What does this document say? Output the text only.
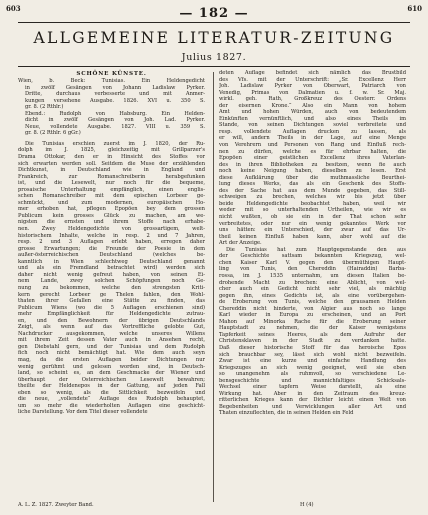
603	610
— 182 —
ALLGEMEINE LITERATUR-ZEITUNG
Julius 1827.
SCHÖNE KÜNSTE.
Wien, b. Beck: Tunisias. Ein Heldengedicht
in zwölf Gesängen von Johann Ladislaw Pyrker.
Dritte, durchaus verbesserte und mit Anmer-
kungen versehene Ausgabe. 1826. XVI u. 350 S.
gr. 8. (2 Rthlr.)
Ebend.: Rudolph von Habsburg. Ein Helden-
dicht in zwölf Gesängen von Joh. Lad. Pyrker.
Neue, vollendete Ausgabe. 1827. VIII u. 359 S.
gr. 8. (2 Rthlr. 6 gGr.)
Die Tunisias erschien zuerst im J. 1820, der Ru-
dolph im J. 1825, gleichzeitig mit Grillparzer's
Drama Ottokar, den er in Hinsicht des Stoffes vor
sich erwarten werden soll. Seitdem die Muse der erzählenden
Dichtkunst, in Deutschland wie in England und
Frankreich, zur Romanschreiberin herabgefunken
ist, und die Lesewelt, nur noch für die bequeme,
prosaische Unterhaltung empfänglich, einen englis-
schen Romanschreiber mit dem epischen Lorbeer ge-
schmückt, und zum modernen, europäischen Ho-
mer erhoben hat, pflegen Epopöen bey dem grossen
Publicum kein grosses Glück zu machen, am we-
nigsten die ernsten und ihrem Stoffe nach erhabe-
nen. Zwey Heldengedichte von grossartigem, welt-
historischem Inhalte, welche in resp. 2 und 7 Jahren,
resp. 2 und 3 Auflagen erlebt haben, erregen daher
grosse Erwartungen; die Freunde der Poesie in dem
außer-österreichischen Deutschland (welches be-
kanntlich in Wien schlechtweg Deutschland genannt
und als ein Fremdland betrachtet wird) werden sich
daher nicht wenig gefreut haben, von seinen Ei-
nem Lande, zwey solchen Schöpfungen noch Ge-
nung zu bekommen, welche den strengsten Kriti-
kern gerecht Lorbeer ge Thelen fahlen, den Wohl-
thaten ihrer Gefallen eine Stätte zu finden, das
Publicum Wiens (wo die 5 Auflagen erschienen sind)
mehr Empfänglichkeit für Heldengedichte zutrau-
en, und den Bewohnern der übrigen Deutschlands
Zeigt, als wenn auf das Vortreffliche gelobte Gut,
Nachdrucker ausgekommen, welche unseres Willens
mit ihrem Zeit dessen Vater auch in Ansehen recht,
gen Diebstahl gern, und der Tunisias und dem Rudolph
fich noch nicht bemächtigt hat. Wie dem auch seyn
mag, da die ersten Auflagen beider Dichtungen nur
wenig gerühmt und gelesen worden sind, in Deutsch-
land, so scheint es, an dem Geschmacke der Wiener und
überhaupt der Österreichischen Lesewelt bewahren;
theilte der Heldenepos in der Gattung, auf jeden Fall
eben so wenig, als die Sittlichkeit bezweifeln und
die neue, „vollendete“ Auflage des Rudolph behauptet,
um so mehr die wiederholten Auflagen eine geschicht-
liche Darstellung. Vor dem Titel dieser vollendete
deten Auflage befindet sich nämlich das Brustbild
des Vfs. mit der Unterschrift: „Sr. Excellenz Herr
Joh. Ladislaw Pyrker von Oberwart, Patriarch von
Venedig, Primas von Dalmatien u. f. w. Sr. Maj.
wirkl. geh. Rath, Großkreuz des Oesterr. Ordens
der eisernen Krone.“ Also ein Mann von hohem
Amt und hohen Würden, auch von bedeutendem
Einkünften vernünftlich, und also eines Theils im
Stande, von seinen Dichtungen soviel verbreitete und
resp. vollendete Auflagen drucken zu lassen, als
er will, andern Theils in der Lage, auf eine Menge
von Verehrern und Personen von Rang und Einfluß rech-
nen zu dürfen, welche es für ehrbar halten, die
Epopöen einer geistlichen Excellenz ihres Vaterlan-
des in ihren Bibliotheken zu besitzen, wenn fie auch
noch keine Neigung haben, dieselben zu lesen. Erst
diese Aufklärung über die muthmassliche Beurthei-
lung dieses Werks, das als ein Geschenk des Stoffs-
des der Sache hat aus dem Munde gegeben, das Still-
schweigen zu brechen, welches wir bis jetzt über
beide Heldengedichte beobachtet haben, weil wir
weder mit so unterhaltenden Urtheilen, wie wir es
nicht wußten, ob sie ein in der That schon sehr
verbreitetes, oder nur ein wenig gekanntes Werk vor
uns hätten: ein Unterschied, der zwar auf das Ur-
theil keinen Einfluß haben kann, aber wohl auf die
Art der Anzeige.
Die Tunisias hat zum Hauptgegenstande den aus
der Geschichte sattsam bekannten Kriegszug, wel-
chen Kaiser Karl V. gegen den übermüthigen Haupt-
ling von Tunis, den Chereddin (Hairaddin) Barba-
rossa, im J. 1535 unternahm, um diesen Italien be-
drohende Macht zu brechen: eine Ablicht, von wel-
cher auch ein Gedicht nicht sehr viel, als mächtig
gegen ihn, eines Gedichts ist, als eine vorübergehen-
de Eroberung von Tunis, welche den grausamen Helden
Chereddin nicht hinderte, von Algier aus noch so lange
Karl wieder in Europa zu erscheinen, und an Port
Mahon auf Minorka Rache für die Eroberung seiner
Hauptstadt zu nehmen, die der Kaiser wenigstens
Tapferkeit seines Heeres, als dem Aufruhr der
Christensklaven in der Stadt zu verdanken hatte.
Daß dieser historische Stoff für das heroische Epos
sich brauchbar sey, lässt sich wohl nicht bezweifeln.
Zwar ist eine kurze und einfache Handlung des
Kriegszuges an sich wenig geeignet, weil sie eben
so unangenehm als ruhmvoll, so verschiedene Le-
bensgeschichte und mannichfaltiges Schicksals-
Wechsel einer tapfern Weise darstellt, als eine
Wirkung hat. Aber in den Zeitraum des kreuz-
ritterlichen Krieges kann der Dichter leicht einen Welt von
Begebenheiten und Verwicklungen aller Art und
Thaten einzuflechten, die in seinen Helden ein Feld
A. L. Z. 1827. Zweyter Band.	H (4)
